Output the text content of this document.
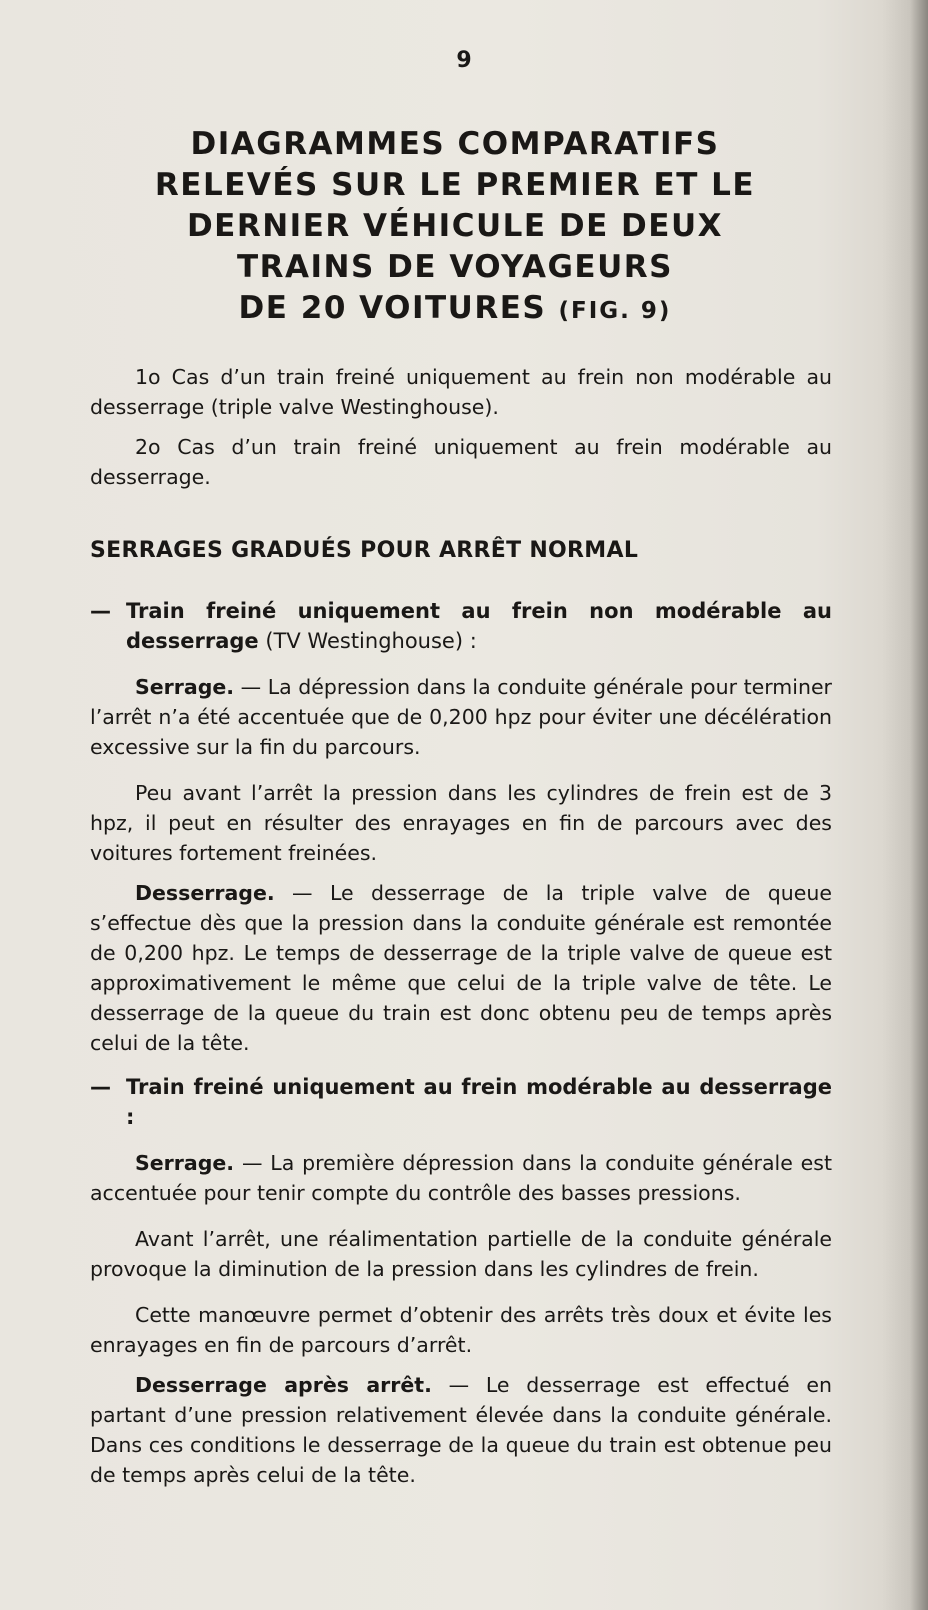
9
DIAGRAMMES COMPARATIFS
RELEVÉS SUR LE PREMIER ET LE
DERNIER VÉHICULE DE DEUX
TRAINS DE VOYAGEURS
DE 20 VOITURES (FIG. 9)

1o Cas d’un train freiné uniquement au frein non modérable au desserrage (triple valve Westinghouse).

2o Cas d’un train freiné uniquement au frein modérable au desserrage.

SERRAGES GRADUÉS POUR ARRÊT NORMAL

— Train freiné uniquement au frein non modérable au desserrage (TV Westinghouse) :

Serrage. — La dépression dans la conduite générale pour terminer l’arrêt n’a été accentuée que de 0,200 hpz pour éviter une décélération excessive sur la fin du parcours.

Peu avant l’arrêt la pression dans les cylindres de frein est de 3 hpz, il peut en résulter des enrayages en fin de parcours avec des voitures fortement freinées.

Desserrage. — Le desserrage de la triple valve de queue s’effectue dès que la pression dans la conduite générale est remontée de 0,200 hpz. Le temps de desserrage de la triple valve de queue est approximativement le même que celui de la triple valve de tête. Le desserrage de la queue du train est donc obtenu peu de temps après celui de la tête.

— Train freiné uniquement au frein modérable au desserrage :

Serrage. — La première dépression dans la conduite générale est accentuée pour tenir compte du contrôle des basses pressions.

Avant l’arrêt, une réalimentation partielle de la conduite générale provoque la diminution de la pression dans les cylindres de frein.

Cette manœuvre permet d’obtenir des arrêts très doux et évite les enrayages en fin de parcours d’arrêt.

Desserrage après arrêt. — Le desserrage est effectué en partant d’une pression relativement élevée dans la conduite générale. Dans ces conditions le desserrage de la queue du train est obtenue peu de temps après celui de la tête.
